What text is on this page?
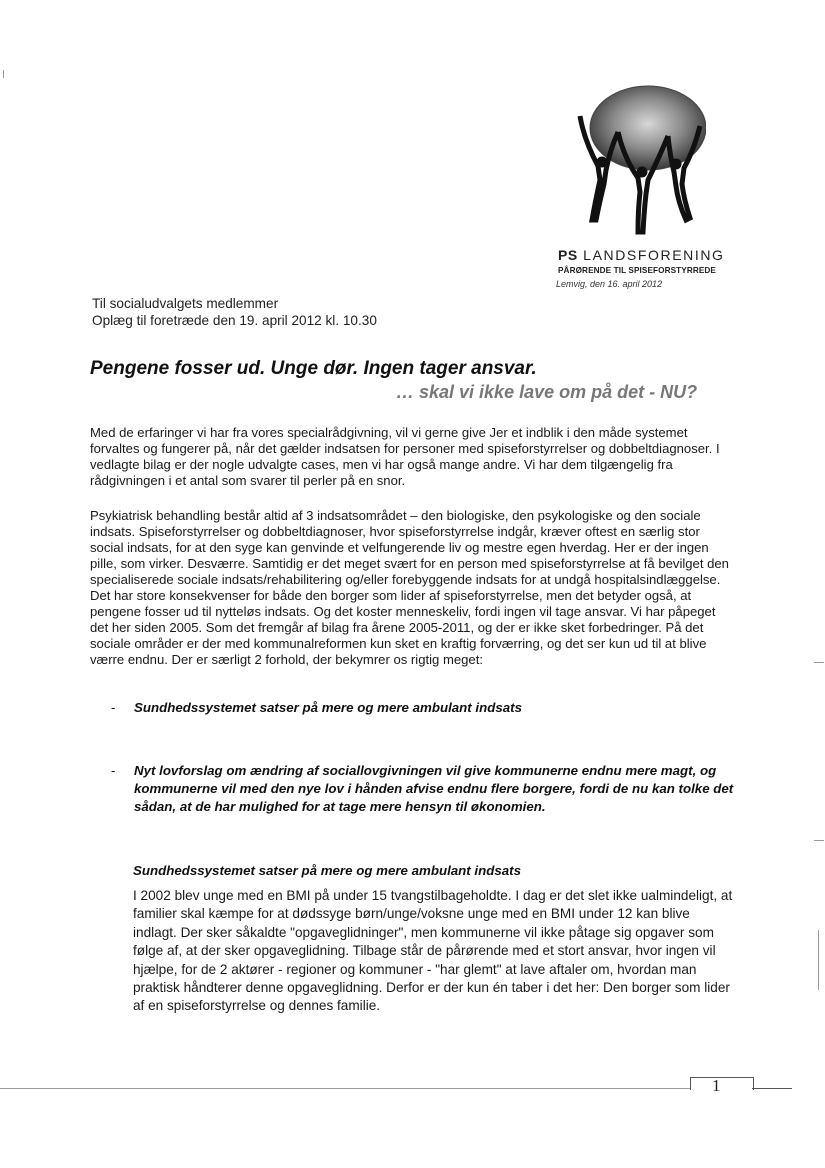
PS LANDSFORENING
PÅRØRENDE TIL SPISEFORSTYRREDE
Lemvig, den 16. april 2012
Til socialudvalgets medlemmer
Oplæg til foretræde den 19. april 2012 kl. 10.30
Pengene fosser ud. Unge dør. Ingen tager ansvar.
… skal vi ikke lave om på det - NU?
Med de erfaringer vi har fra vores specialrådgivning, vil vi gerne give Jer et indblik i den måde systemet forvaltes og fungerer på, når det gælder indsatsen for personer med spiseforstyrrelser og dobbeltdiagnoser. I vedlagte bilag er der nogle udvalgte cases, men vi har også mange andre. Vi har dem tilgængelig fra rådgivningen i et antal som svarer til perler på en snor.
Psykiatrisk behandling består altid af 3 indsatsområdet – den biologiske, den psykologiske og den sociale indsats. Spiseforstyrrelser og dobbeltdiagnoser, hvor spiseforstyrrelse indgår, kræver oftest en særlig stor social indsats, for at den syge kan genvinde et velfungerende liv og mestre egen hverdag. Her er der ingen pille, som virker. Desværre. Samtidig er det meget svært for en person med spiseforstyrrelse at få bevilget den specialiserede sociale indsats/rehabilitering og/eller forebyggende indsats for at undgå hospitalsindlæggelse. Det har store konsekvenser for både den borger som lider af spiseforstyrrelse, men det betyder også, at pengene fosser ud til nytteløs indsats. Og det koster menneskeliv, fordi ingen vil tage ansvar. Vi har påpeget det her siden 2005. Som det fremgår af bilag fra årene 2005-2011, og der er ikke sket forbedringer. På det sociale områder er der med kommunalreformen kun sket en kraftig forværring, og det ser kun ud til at blive værre endnu. Der er særligt 2 forhold, der bekymrer os rigtig meget:
- Sundhedssystemet satser på mere og mere ambulant indsats
- Nyt lovforslag om ændring af sociallovgivningen vil give kommunerne endnu mere magt, og kommunerne vil med den nye lov i hånden afvise endnu flere borgere, fordi de nu kan tolke det sådan, at de har mulighed for at tage mere hensyn til økonomien.
Sundhedssystemet satser på mere og mere ambulant indsats
I 2002 blev unge med en BMI på under 15 tvangstilbageholdte. I dag er det slet ikke ualmindeligt, at familier skal kæmpe for at dødssyge børn/unge/voksne unge med en BMI under 12 kan blive indlagt. Der sker såkaldte "opgaveglidninger", men kommunerne vil ikke påtage sig opgaver som følge af, at der sker opgaveglidning. Tilbage står de pårørende med et stort ansvar, hvor ingen vil hjælpe, for de 2 aktører - regioner og kommuner - "har glemt" at lave aftaler om, hvordan man praktisk håndterer denne opgaveglidning. Derfor er der kun én taber i det her: Den borger som lider af en spiseforstyrrelse og dennes familie.
1
